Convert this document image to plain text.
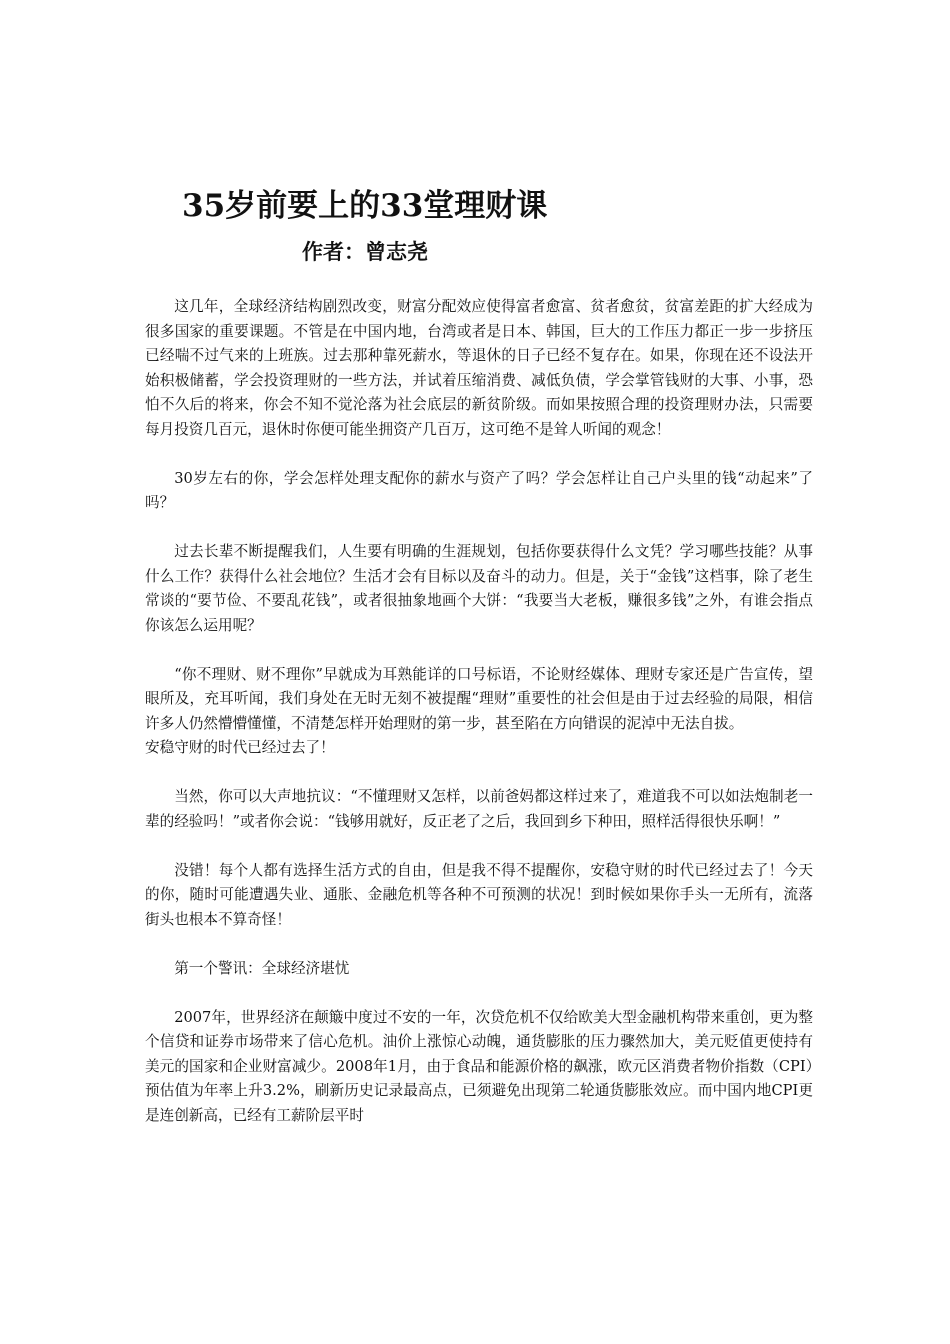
35岁前要上的33堂理财课
作者：曾志尧

这几年，全球经济结构剧烈改变，财富分配效应使得富者愈富、贫者愈贫，贫富差距的扩大经成为很多国家的重要课题。不管是在中国内地，台湾或者是日本、韩国，巨大的工作压力都正一步一步挤压已经喘不过气来的上班族。过去那种靠死薪水，等退休的日子已经不复存在。如果，你现在还不设法开始积极储蓄，学会投资理财的一些方法，并试着压缩消费、减低负债，学会掌管钱财的大事、小事，恐怕不久后的将来，你会不知不觉沦落为社会底层的新贫阶级。而如果按照合理的投资理财办法，只需要每月投资几百元，退休时你便可能坐拥资产几百万，这可绝不是耸人听闻的观念！

30岁左右的你，学会怎样处理支配你的薪水与资产了吗？学会怎样让自己户头里的钱“动起来”了吗？

过去长辈不断提醒我们，人生要有明确的生涯规划，包括你要获得什么文凭？学习哪些技能？从事什么工作？获得什么社会地位？生活才会有目标以及奋斗的动力。但是，关于“金钱”这档事，除了老生常谈的“要节俭、不要乱花钱”，或者很抽象地画个大饼：“我要当大老板，赚很多钱”之外，有谁会指点你该怎么运用呢？

“你不理财、财不理你”早就成为耳熟能详的口号标语，不论财经媒体、理财专家还是广告宣传，望眼所及，充耳听闻，我们身处在无时无刻不被提醒“理财”重要性的社会但是由于过去经验的局限，相信许多人仍然懵懵懂懂，不清楚怎样开始理财的第一步，甚至陷在方向错误的泥淖中无法自拔。

安稳守财的时代已经过去了！

当然，你可以大声地抗议：“不懂理财又怎样，以前爸妈都这样过来了，难道我不可以如法炮制老一辈的经验吗！”或者你会说：“钱够用就好，反正老了之后，我回到乡下种田，照样活得很快乐啊！”

没错！每个人都有选择生活方式的自由，但是我不得不提醒你，安稳守财的时代已经过去了！今天的你，随时可能遭遇失业、通胀、金融危机等各种不可预测的状况！到时候如果你手头一无所有，流落街头也根本不算奇怪！

第一个警讯：全球经济堪忧

2007年，世界经济在颠簸中度过不安的一年，次贷危机不仅给欧美大型金融机构带来重创，更为整个信贷和证券市场带来了信心危机。油价上涨惊心动魄，通货膨胀的压力骤然加大，美元贬值更使持有美元的国家和企业财富减少。2008年1月，由于食品和能源价格的飙涨，欧元区消费者物价指数（CPI）预估值为年率上升3.2%，刷新历史记录最高点，已须避免出现第二轮通货膨胀效应。而中国内地CPI更是连创新高，已经有工薪阶层平时
